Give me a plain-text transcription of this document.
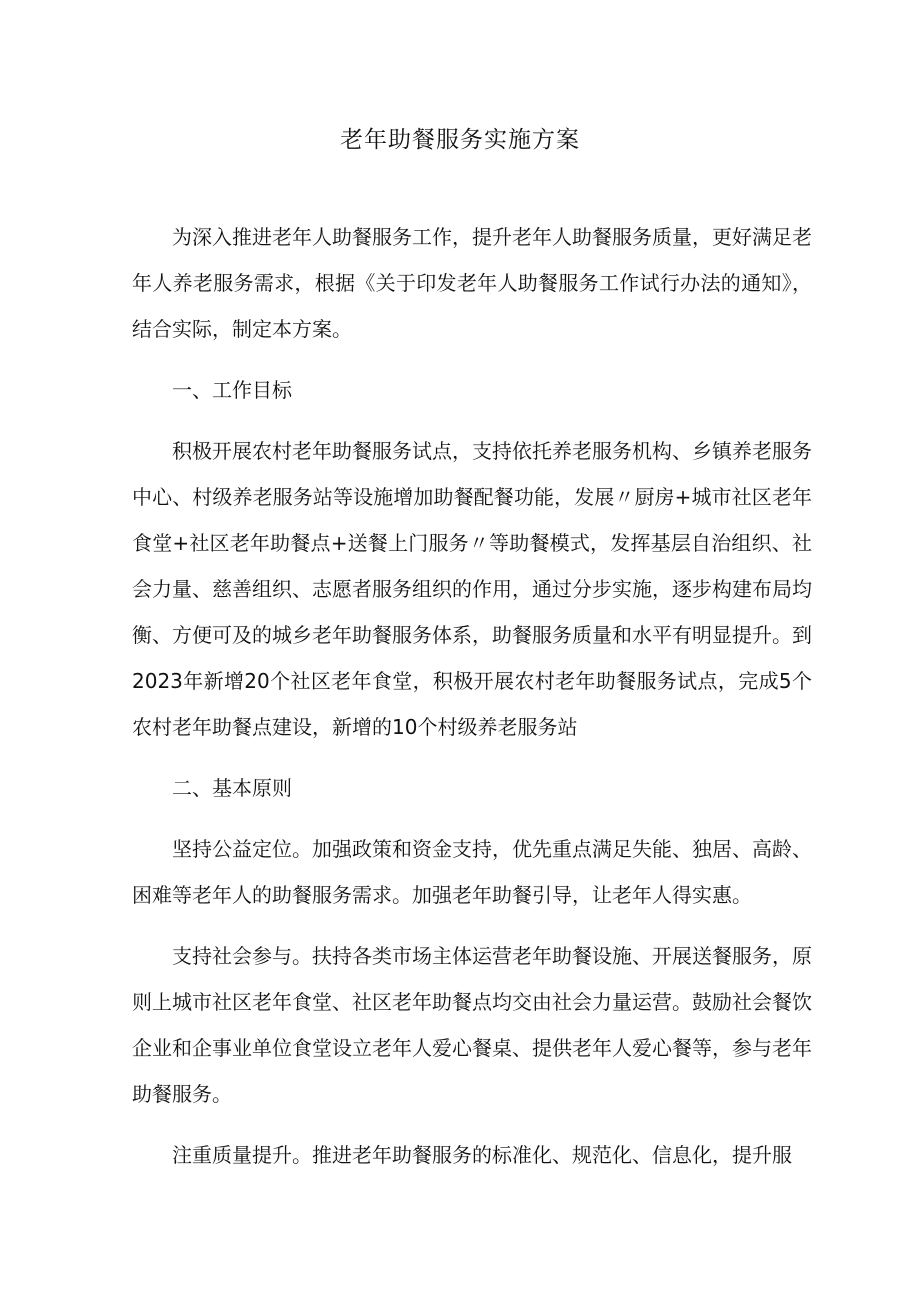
老年助餐服务实施方案

为深入推进老年人助餐服务工作，提升老年人助餐服务质量，更好满足老年人养老服务需求，根据《关于印发老年人助餐服务工作试行办法的通知》，结合实际，制定本方案。

一、工作目标

积极开展农村老年助餐服务试点，支持依托养老服务机构、乡镇养老服务中心、村级养老服务站等设施增加助餐配餐功能，发展〃厨房+城市社区老年食堂+社区老年助餐点+送餐上门服务〃等助餐模式，发挥基层自治组织、社会力量、慈善组织、志愿者服务组织的作用，通过分步实施，逐步构建布局均衡、方便可及的城乡老年助餐服务体系，助餐服务质量和水平有明显提升。到2023年新增20个社区老年食堂，积极开展农村老年助餐服务试点，完成5个农村老年助餐点建设，新增的10个村级养老服务站

二、基本原则

坚持公益定位。加强政策和资金支持，优先重点满足失能、独居、高龄、困难等老年人的助餐服务需求。加强老年助餐引导，让老年人得实惠。

支持社会参与。扶持各类市场主体运营老年助餐设施、开展送餐服务，原则上城市社区老年食堂、社区老年助餐点均交由社会力量运营。鼓励社会餐饮企业和企事业单位食堂设立老年人爱心餐桌、提供老年人爱心餐等，参与老年助餐服务。

注重质量提升。推进老年助餐服务的标准化、规范化、信息化，提升服
